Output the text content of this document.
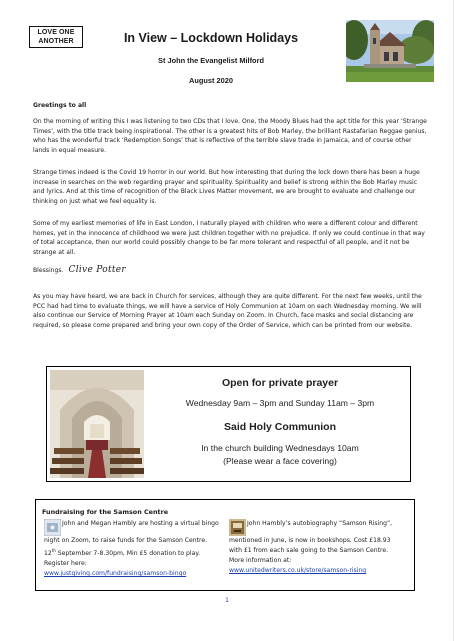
LOVE ONE
ANOTHER	In View – Lockdown Holidays
St John the Evangelist Milford
August 2020
Greetings to all
On the morning of writing this I was listening to two CDs that I love. One, the Moody Blues had the apt title for this year ‘Strange Times’, with the title track being inspirational. The other is a greatest hits of Bob Marley, the brilliant Rastafarian Reggae genius, who has the wonderful track ‘Redemption Songs’ that is reflective of the terrible slave trade in Jamaica, and of course other lands in equal measure.
Strange times indeed is the Covid 19 horror in our world. But how interesting that during the lock down there has been a huge increase in searches on the web regarding prayer and spirituality. Spirituality and belief is strong within the Bob Marley music and lyrics. And at this time of recognition of the Black Lives Matter movement, we are brought to evaluate and challenge our thinking on just what we feel equality is.
Some of my earliest memories of life in East London, I naturally played with children who were a different colour and different homes, yet in the innocence of childhood we were just children together with no prejudice. If only we could continue in that way of total acceptance, then our world could possibly change to be far more tolerant and respectful of all people, and it not be strange at all.
Blessings. Clive Potter
As you may have heard, we are back in Church for services, although they are quite different. For the next few weeks, until the PCC had had time to evaluate things, we will have a service of Holy Communion at 10am on each Wednesday morning. We will also continue our Service of Morning Prayer at 10am each Sunday on Zoom. In Church, face masks and social distancing are required, so please come prepared and bring your own copy of the Order of Service, which can be printed from our website.
Open for private prayer
Wednesday 9am – 3pm and Sunday 11am – 3pm
Said Holy Communion
In the church building Wednesdays 10am
(Please wear a face covering)
Fundraising for the Samson Centre
John and Megan Hambly are hosting a virtual bingo night on Zoom, to raise funds for the Samson Centre. 12th September 7-8.30pm, Min £5 donation to play. Register here:
www.justgiving.com/fundraising/samson-bingo
John Hambly’s autobiography “Samson Rising”, mentioned in June, is now in bookshops. Cost £18.93 with £1 from each sale going to the Samson Centre. More information at:
www.unitedwriters.co.uk/store/samson-rising
1
